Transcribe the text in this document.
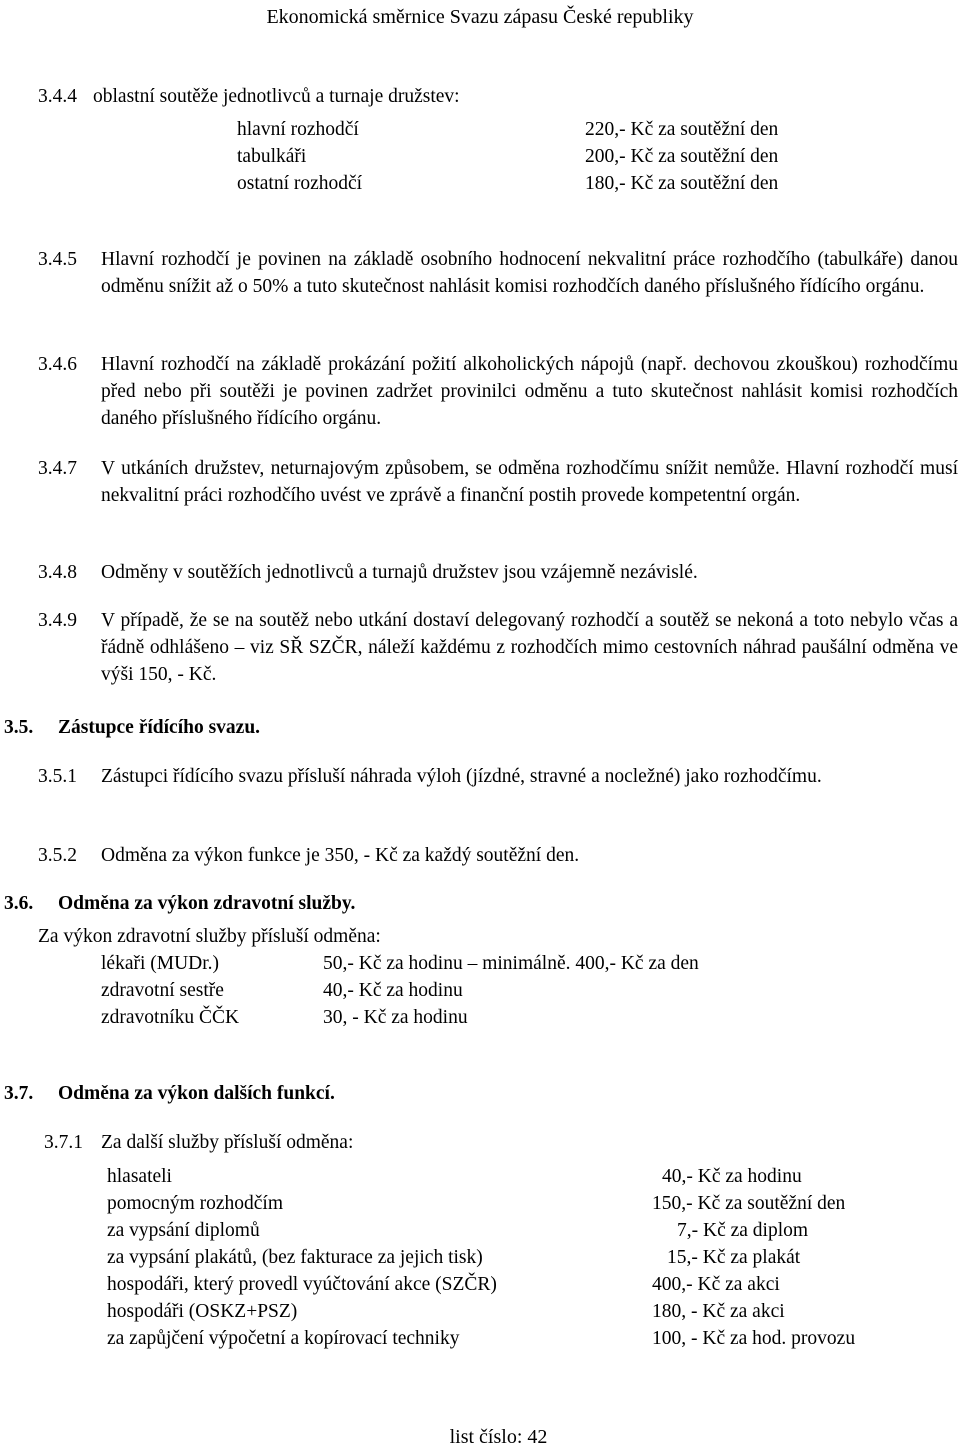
Ekonomická směrnice Svazu zápasu České republiky
3.4.4 oblastní soutěže jednotlivců a turnaje družstev:
hlavní rozhodčí	220,- Kč za soutěžní den
tabulkáři	200,- Kč za soutěžní den
ostatní rozhodčí	180,- Kč za soutěžní den
3.4.5 Hlavní rozhodčí je povinen na základě osobního hodnocení nekvalitní práce rozhodčího (tabulkáře) danou odměnu snížit až o 50% a tuto skutečnost nahlásit komisi rozhodčích daného příslušného řídícího orgánu.
3.4.6 Hlavní rozhodčí na základě prokázání požití alkoholických nápojů (např. dechovou zkouškou) rozhodčímu před nebo při soutěži je povinen zadržet provinilci odměnu a tuto skutečnost nahlásit komisi rozhodčích daného příslušného řídícího orgánu.
3.4.7 V utkáních družstev, neturnajovým způsobem, se odměna rozhodčímu snížit nemůže. Hlavní rozhodčí musí nekvalitní práci rozhodčího uvést ve zprávě a finanční postih provede kompetentní orgán.
3.4.8 Odměny v soutěžích jednotlivců a turnajů družstev jsou vzájemně nezávislé.
3.4.9 V případě, že se na soutěž nebo utkání dostaví delegovaný rozhodčí a soutěž se nekoná a toto nebylo včas a řádně odhlášeno – viz SŘ SZČR, náleží každému z rozhodčích mimo cestovních náhrad paušální odměna ve výši 150, - Kč.
3.5. Zástupce řídícího svazu.
3.5.1 Zástupci řídícího svazu přísluší náhrada výloh (jízdné, stravné a nocležné) jako rozhodčímu.
3.5.2 Odměna za výkon funkce je 350, - Kč za každý soutěžní den.
3.6. Odměna za výkon zdravotní služby.
Za výkon zdravotní služby přísluší odměna:
lékaři (MUDr.)	50,- Kč za hodinu – minimálně. 400,- Kč za den
zdravotní sestře	40,- Kč za hodinu
zdravotníku ČČK	30, - Kč za hodinu
3.7. Odměna za výkon dalších funkcí.
3.7.1 Za další služby přísluší odměna:
hlasateli	40,- Kč za hodinu
pomocným rozhodčím	150,- Kč za soutěžní den
za vypsání diplomů	7,- Kč za diplom
za vypsání plakátů, (bez fakturace za jejich tisk)	15,- Kč za plakát
hospodáři, který provedl vyúčtování akce (SZČR)	400,- Kč za akci
hospodáři (OSKZ+PSZ)	180, - Kč za akci
za zapůjčení výpočetní a kopírovací techniky	100, - Kč za hod. provozu
list číslo: 42
